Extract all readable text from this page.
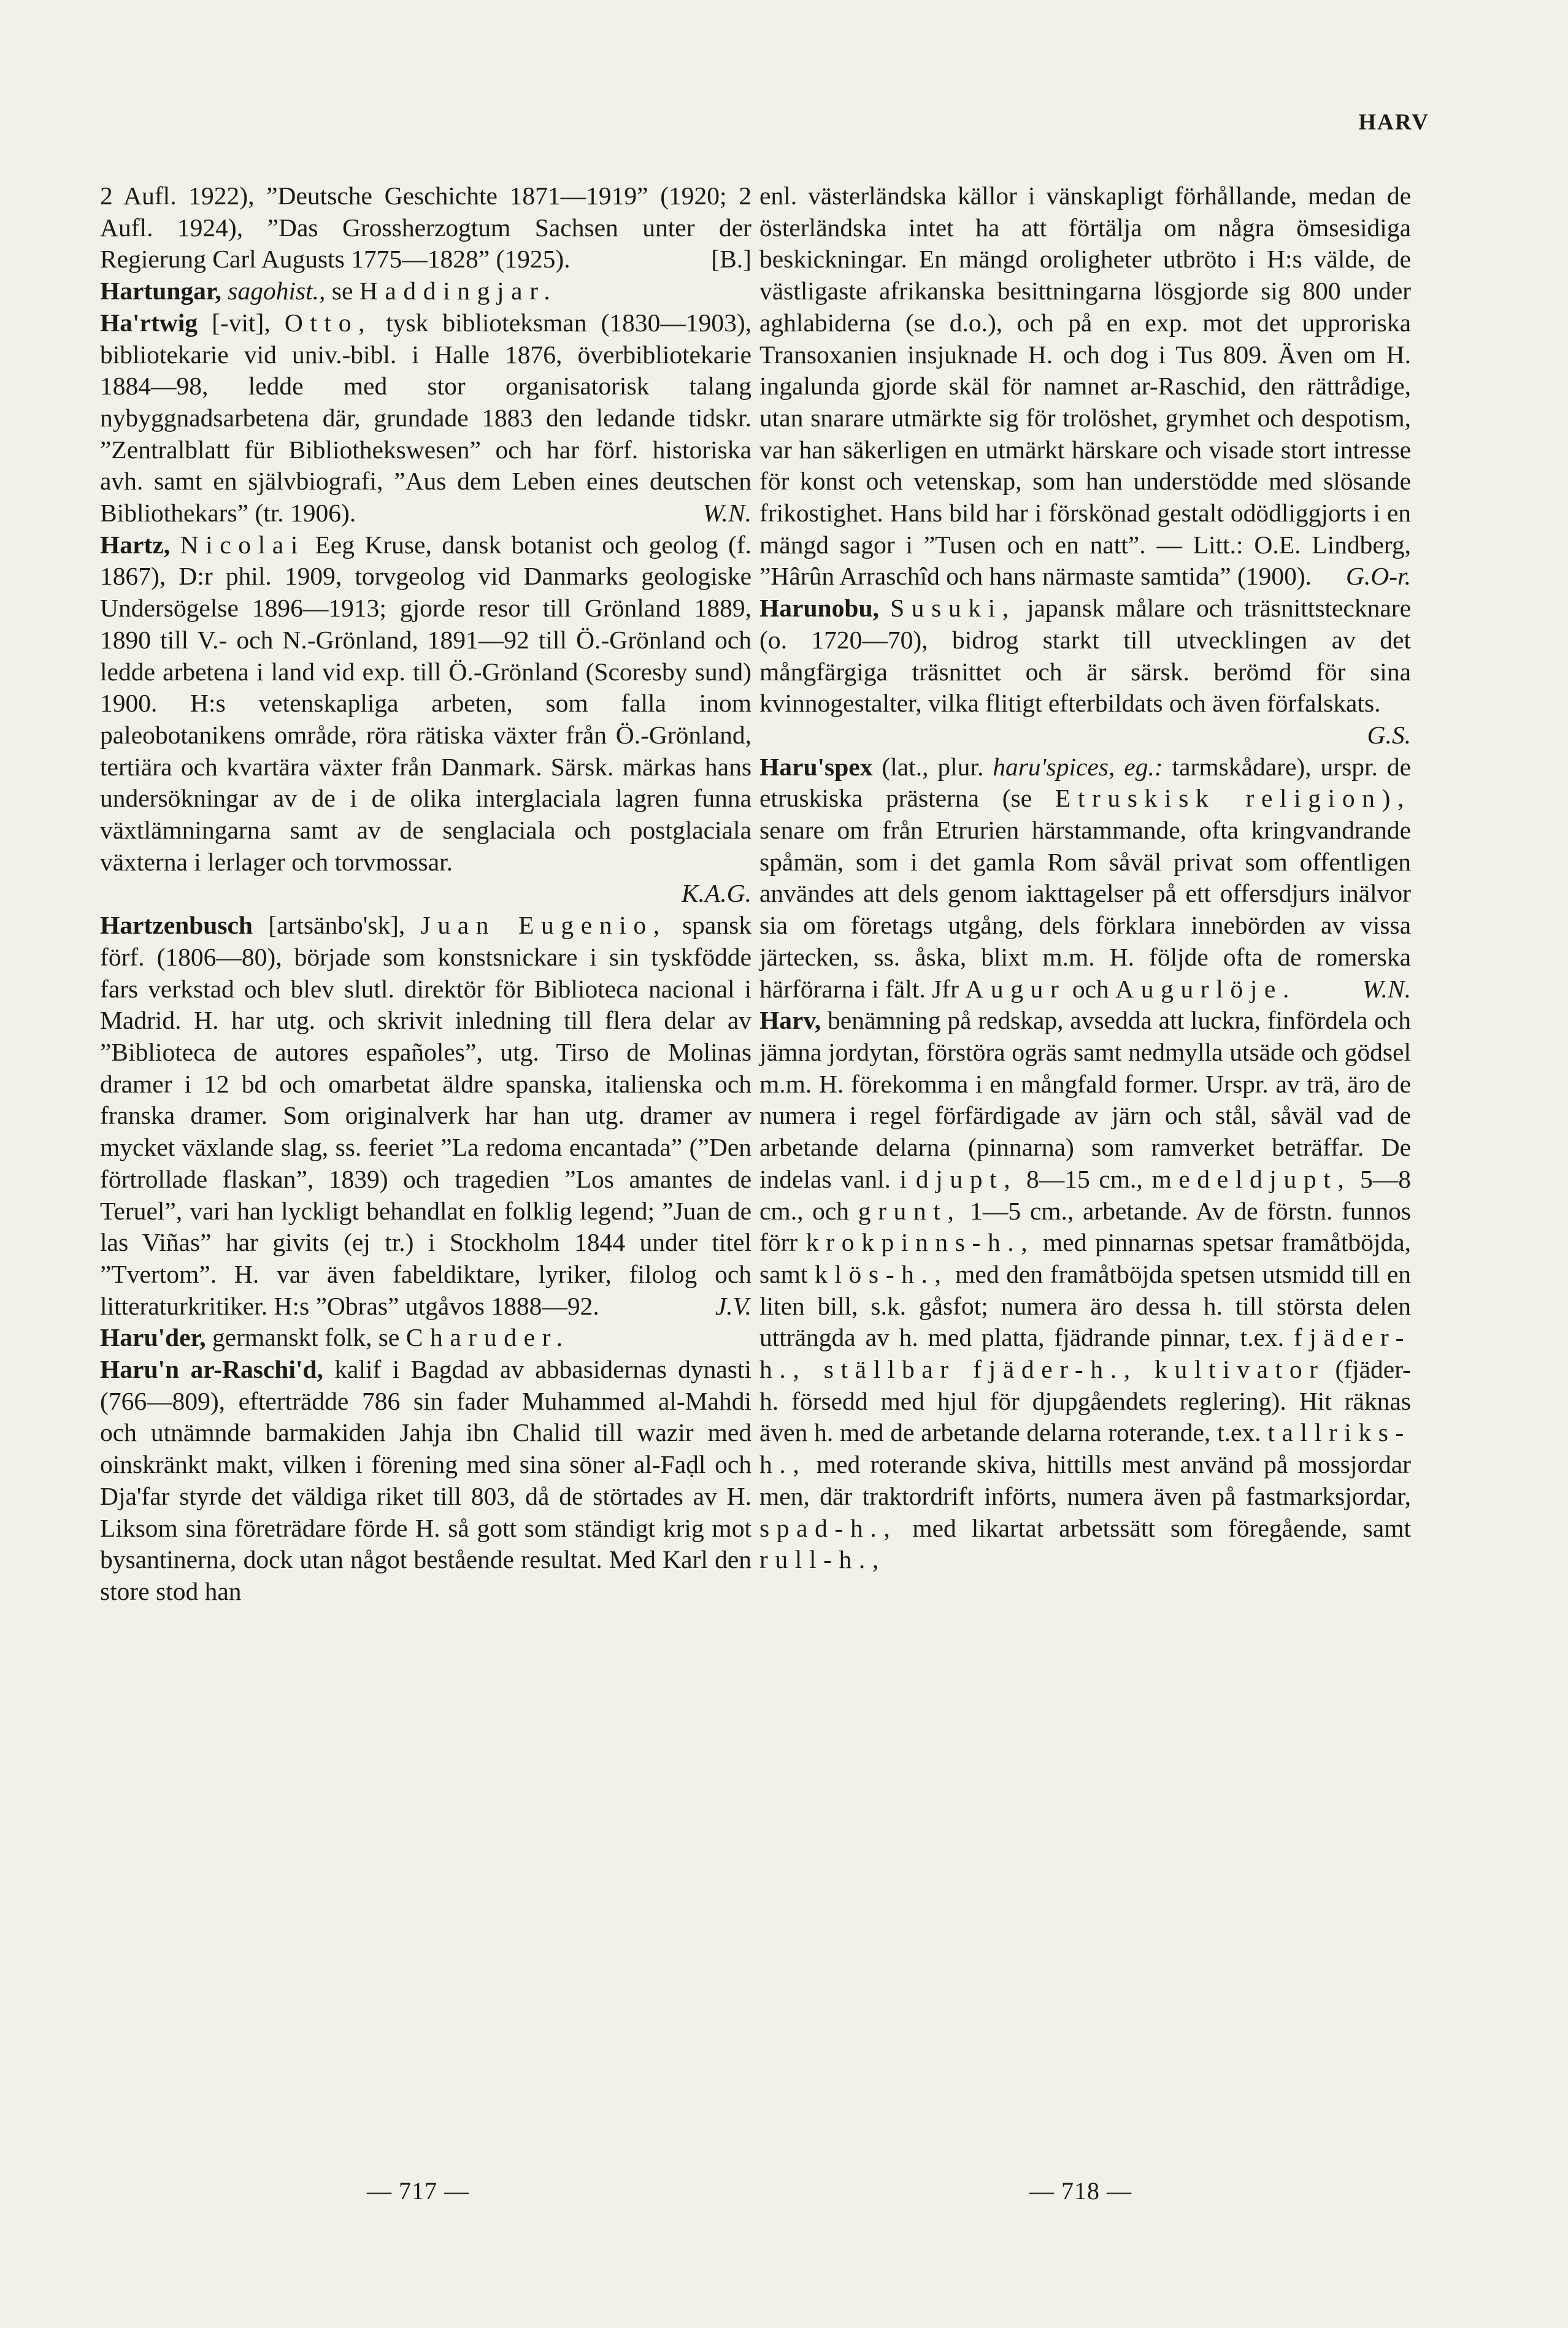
HARV
2 Aufl. 1922), ”Deutsche Geschichte 1871—1919” (1920; 2 Aufl. 1924), ”Das Grossherzogtum Sachsen unter der Regierung Carl Augusts 1775—1828” (1925).	[B.]
Hartungar, sagohist., se Haddingjar.
Ha'rtwig [-vit], Otto, tysk biblioteksman (1830—1903), bibliotekarie vid univ.-bibl. i Halle 1876, överbibliotekarie 1884—98, ledde med stor organisatorisk talang nybyggnadsarbetena där, grundade 1883 den ledande tidskr. ”Zentralblatt für Bibliothekswesen” och har förf. historiska avh. samt en självbiografi, ”Aus dem Leben eines deutschen Bibliothekars” (tr. 1906).	W.N.
Hartz, Nicolai Eeg Kruse, dansk botanist och geolog (f. 1867), D:r phil. 1909, torvgeolog vid Danmarks geologiske Undersögelse 1896—1913; gjorde resor till Grönland 1889, 1890 till V.- och N.-Grönland, 1891—92 till Ö.-Grönland och ledde arbetena i land vid exp. till Ö.-Grönland (Scoresby sund) 1900. H:s vetenskapliga arbeten, som falla inom paleobotanikens område, röra rätiska växter från Ö.-Grönland, tertiära och kvartära växter från Danmark. Särsk. märkas hans undersökningar av de i de olika interglaciala lagren funna växtlämningarna samt av de senglaciala och postglaciala växterna i lerlager och torvmossar.
K.A.G.
Hartzenbusch [artsänbo'sk], Juan Eugenio, spansk förf. (1806—80), började som konstsnickare i sin tyskfödde fars verkstad och blev slutl. direktör för Biblioteca nacional i Madrid. H. har utg. och skrivit inledning till flera delar av ”Biblioteca de autores españoles”, utg. Tirso de Molinas dramer i 12 bd och omarbetat äldre spanska, italienska och franska dramer. Som originalverk har han utg. dramer av mycket växlande slag, ss. feeriet ”La redoma encantada” (”Den förtrollade flaskan”, 1839) och tragedien ”Los amantes de Teruel”, vari han lyckligt behandlat en folklig legend; ”Juan de las Viñas” har givits (ej tr.) i Stockholm 1844 under titel ”Tvertom”. H. var även fabeldiktare, lyriker, filolog och litteraturkritiker. H:s ”Obras” utgåvos 1888—92.	J.V.
Haru'der, germanskt folk, se Charuder.
Haru'n ar-Raschi'd, kalif i Bagdad av abbasidernas dynasti (766—809), efterträdde 786 sin fader Muhammed al-Mahdi och utnämnde barmakiden Jahja ibn Chalid till wazir med oinskränkt makt, vilken i förening med sina söner al-Faḍl och Dja'far styrde det väldiga riket till 803, då de störtades av H. Liksom sina företrädare förde H. så gott som ständigt krig mot bysantinerna, dock utan något bestående resultat. Med Karl den store stod han
enl. västerländska källor i vänskapligt förhållande, medan de österländska intet ha att förtälja om några ömsesidiga beskickningar. En mängd oroligheter utbröto i H:s välde, de västligaste afrikanska besittningarna lösgjorde sig 800 under aghlabiderna (se d.o.), och på en exp. mot det upproriska Transoxanien insjuknade H. och dog i Tus 809. Även om H. ingalunda gjorde skäl för namnet ar-Raschid, den rättrådige, utan snarare utmärkte sig för trolöshet, grymhet och despotism, var han säkerligen en utmärkt härskare och visade stort intresse för konst och vetenskap, som han understödde med slösande frikostighet. Hans bild har i förskönad gestalt odödliggjorts i en mängd sagor i ”Tusen och en natt”. — Litt.: O.E. Lindberg, ”Hârûn Arraschîd och hans närmaste samtida” (1900). G.O-r.
Harunobu, Susuki, japansk målare och träsnittstecknare (o. 1720—70), bidrog starkt till utvecklingen av det mångfärgiga träsnittet och är särsk. berömd för sina kvinnogestalter, vilka flitigt efterbildats och även förfalskats.
G.S.
Haru'spex (lat., plur. haru'spices, eg.: tarmskådare), urspr. de etruskiska prästerna (se Etruskisk religion), senare om från Etrurien härstammande, ofta kringvandrande spåmän, som i det gamla Rom såväl privat som offentligen användes att dels genom iakttagelser på ett offersdjurs inälvor sia om företags utgång, dels förklara innebörden av vissa järtecken, ss. åska, blixt m.m. H. följde ofta de romerska härförarna i fält. Jfr Augur och Augurlöje.	W.N.
Harv, benämning på redskap, avsedda att luckra, finfördela och jämna jordytan, förstöra ogräs samt nedmylla utsäde och gödsel m.m. H. förekomma i en mångfald former. Urspr. av trä, äro de numera i regel förfärdigade av järn och stål, såväl vad de arbetande delarna (pinnarna) som ramverket beträffar. De indelas vanl. i djupt, 8—15 cm., medeldjupt, 5—8 cm., och grunt, 1—5 cm., arbetande. Av de förstn. funnos förr krokpinns-h., med pinnarnas spetsar framåtböjda, samt klös-h., med den framåtböjda spetsen utsmidd till en liten bill, s.k. gåsfot; numera äro dessa h. till största delen utträngda av h. med platta, fjädrande pinnar, t.ex. fjäder-h., ställbar fjäder-h., kultivator (fjäder-h. försedd med hjul för djupgåendets reglering). Hit räknas även h. med de arbetande delarna roterande, t.ex. tallriks-h., med roterande skiva, hittills mest använd på mossjordar men, där traktordrift införts, numera även på fastmarksjordar, spad-h., med likartat arbetssätt som föregående, samt rull-h.,
— 717 —	— 718 —
